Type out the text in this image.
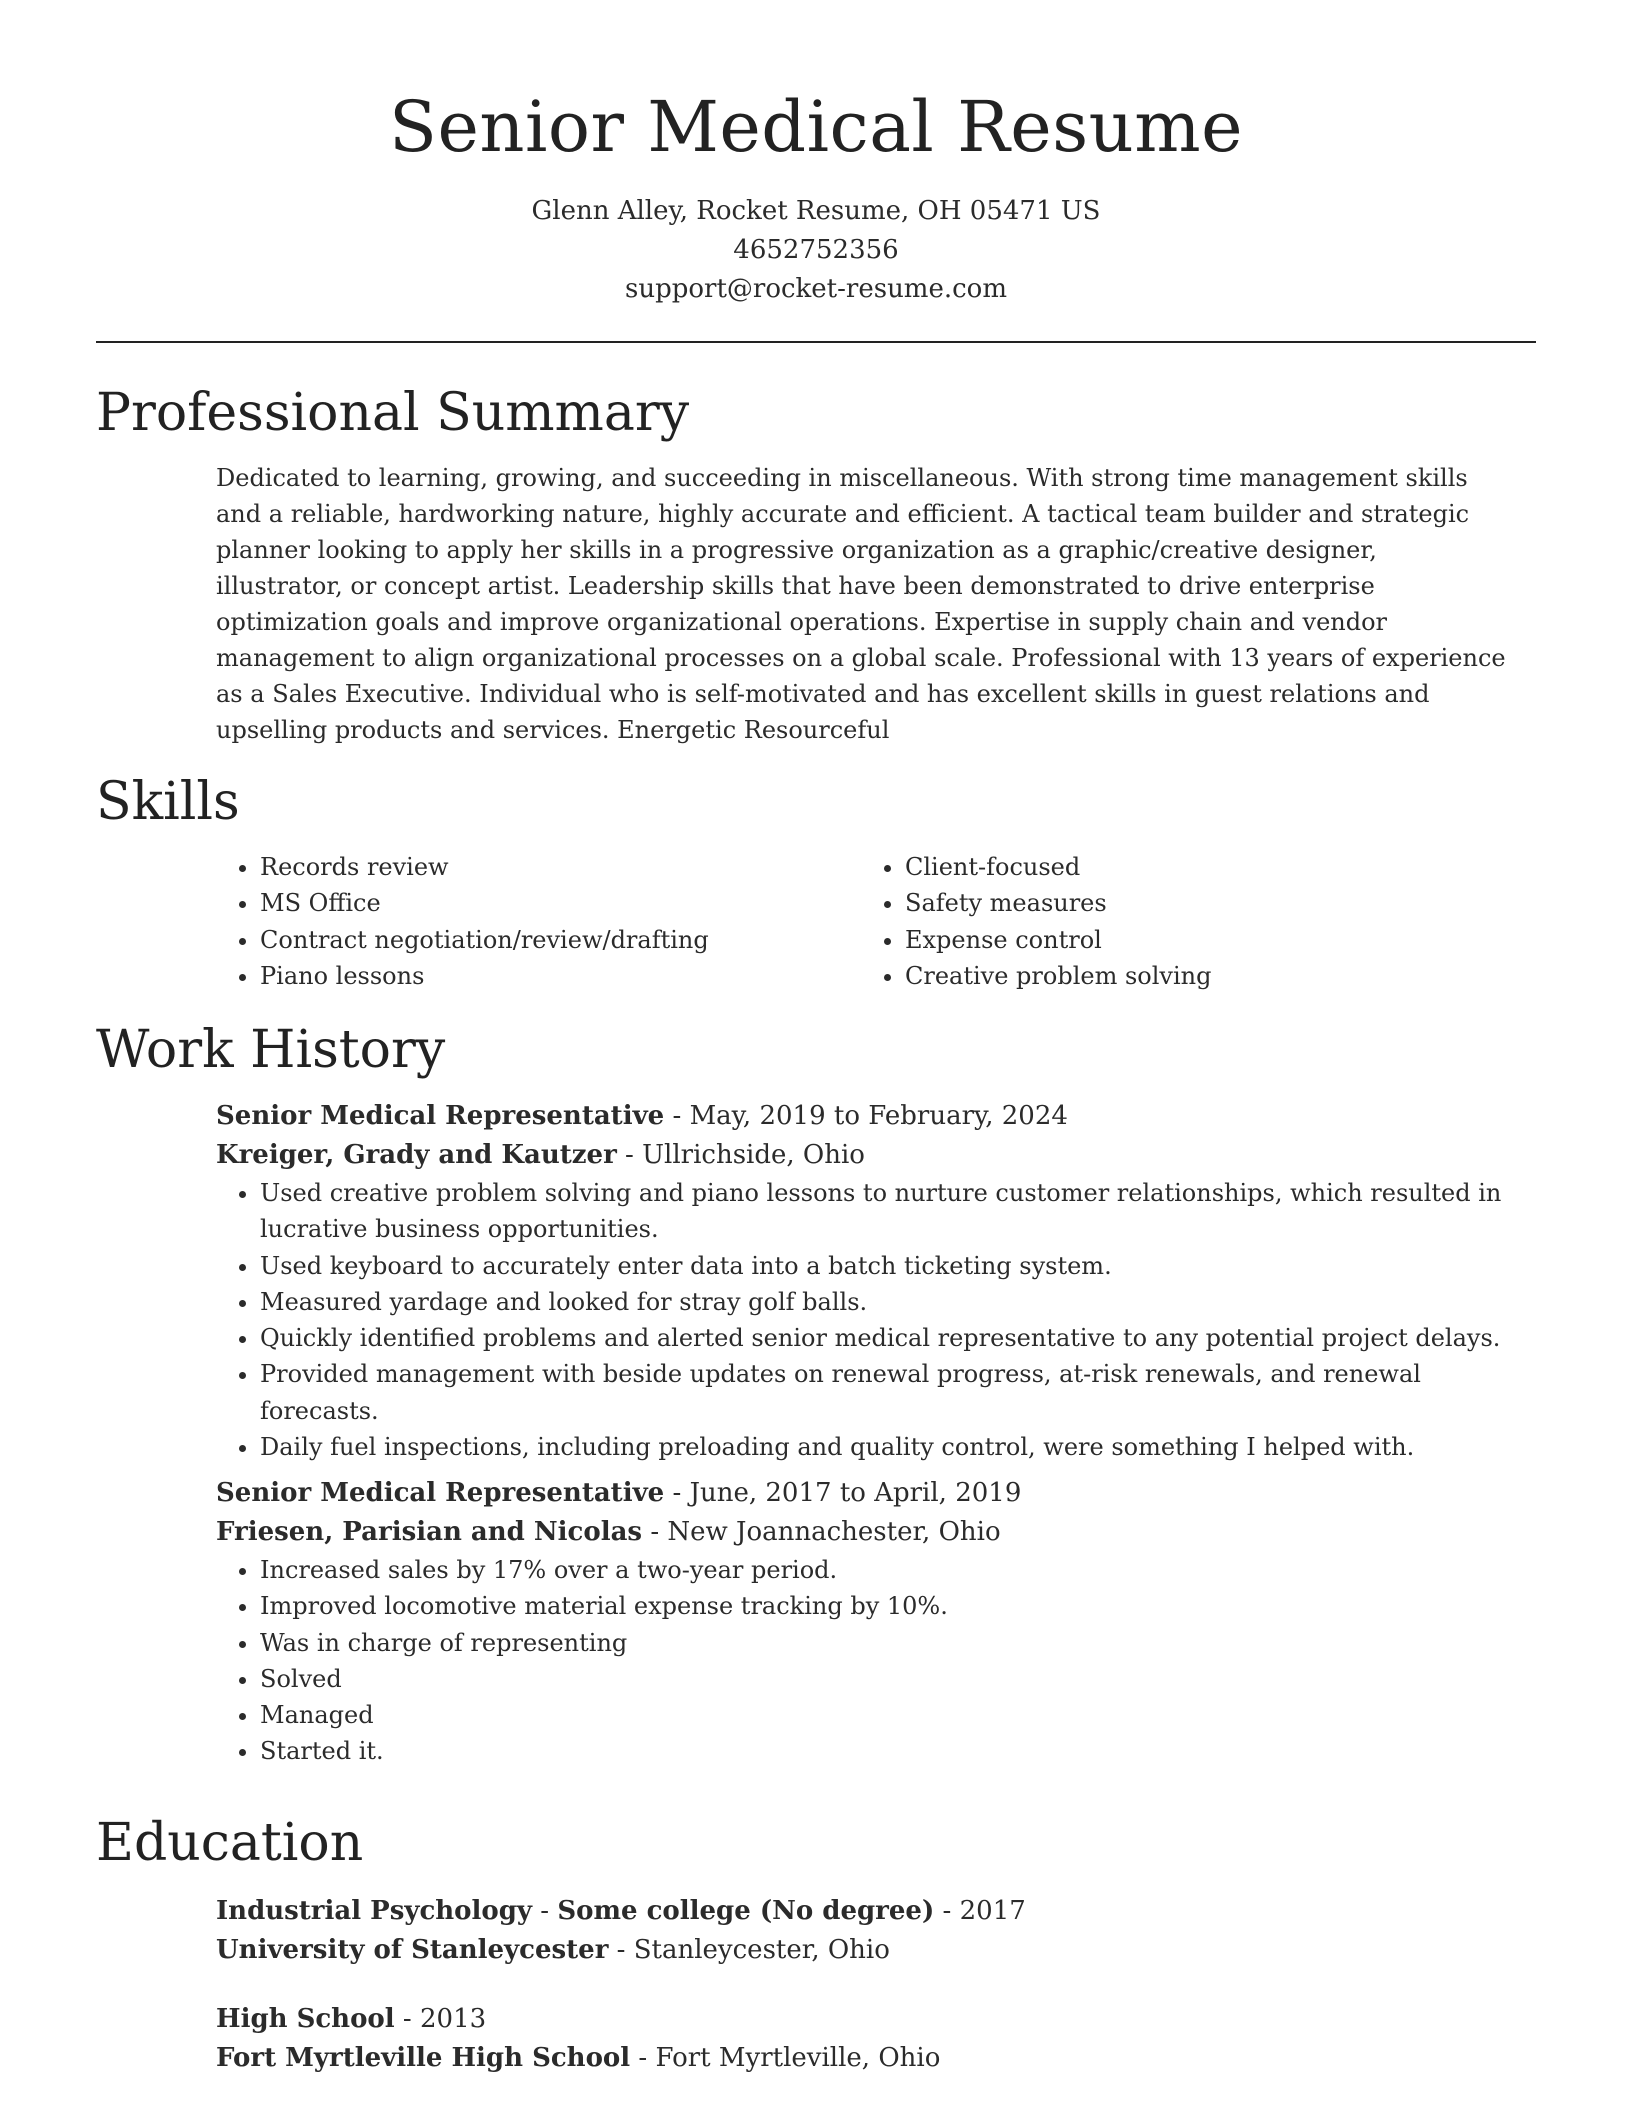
Senior Medical Resume
Glenn Alley, Rocket Resume, OH 05471 US
4652752356
support@rocket-resume.com
Professional Summary

Dedicated to learning, growing, and succeeding in miscellaneous. With strong time management skills and a reliable, hardworking nature, highly accurate and efficient. A tactical team builder and strategic planner looking to apply her skills in a progressive organization as a graphic/creative designer, illustrator, or concept artist. Leadership skills that have been demonstrated to drive enterprise optimization goals and improve organizational operations. Expertise in supply chain and vendor management to align organizational processes on a global scale. Professional with 13 years of experience as a Sales Executive. Individual who is self-motivated and has excellent skills in guest relations and upselling products and services. Energetic Resourceful

Skills
• Records review
• MS Office
• Contract negotiation/review/drafting
• Piano lessons
• Client-focused
• Safety measures
• Expense control
• Creative problem solving
Work History
Senior Medical Representative - May, 2019 to February, 2024
Kreiger, Grady and Kautzer - Ullrichside, Ohio
• Used creative problem solving and piano lessons to nurture customer relationships, which resulted in lucrative business opportunities.
• Used keyboard to accurately enter data into a batch ticketing system.
• Measured yardage and looked for stray golf balls.
• Quickly identified problems and alerted senior medical representative to any potential project delays.
• Provided management with beside updates on renewal progress, at-risk renewals, and renewal forecasts.
• Daily fuel inspections, including preloading and quality control, were something I helped with.
Senior Medical Representative - June, 2017 to April, 2019
Friesen, Parisian and Nicolas - New Joannachester, Ohio
• Increased sales by 17% over a two-year period.
• Improved locomotive material expense tracking by 10%.
• Was in charge of representing
• Solved
• Managed
• Started it.
Education
Industrial Psychology - Some college (No degree) - 2017
University of Stanleycester - Stanleycester, Ohio
High School - 2013
Fort Myrtleville High School - Fort Myrtleville, Ohio
